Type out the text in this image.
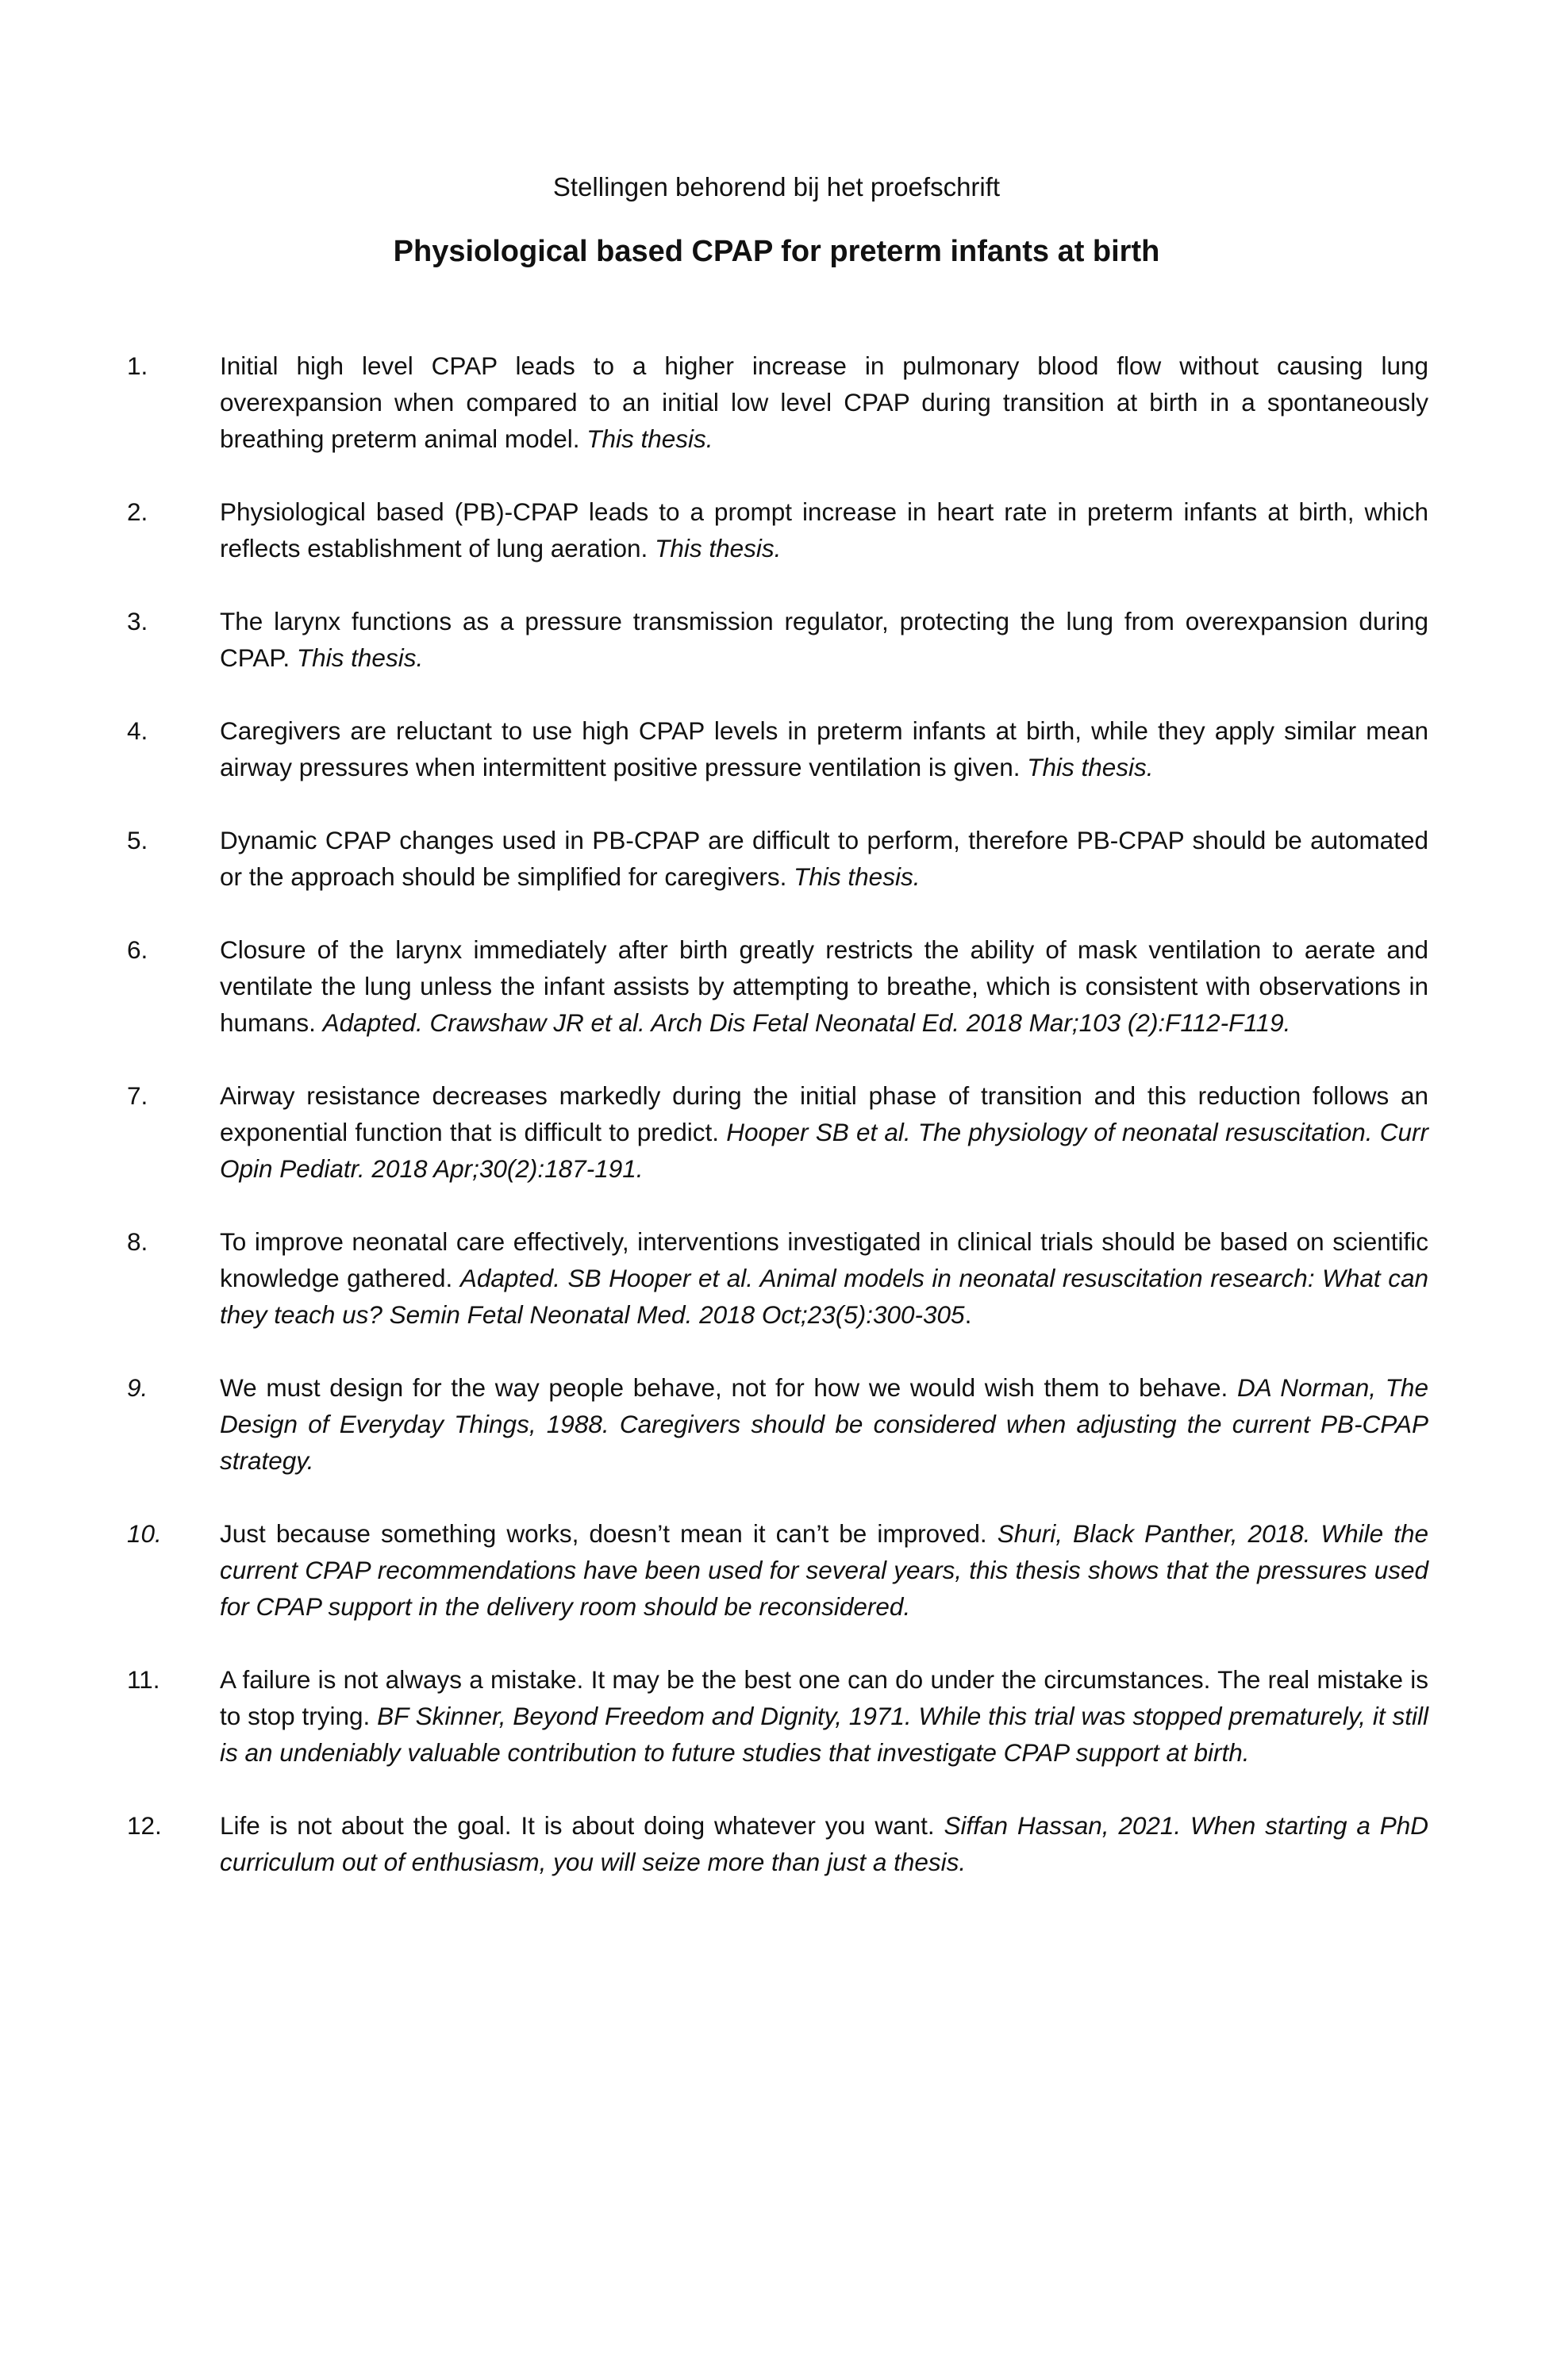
Stellingen behorend bij het proefschrift
Physiological based CPAP for preterm infants at birth
1.	Initial high level CPAP leads to a higher increase in pulmonary blood flow without causing lung overexpansion when compared to an initial low level CPAP during transition at birth in a spontaneously breathing preterm animal model. This thesis.
2.	Physiological based (PB)-CPAP leads to a prompt increase in heart rate in preterm infants at birth, which reflects establishment of lung aeration. This thesis.
3.	The larynx functions as a pressure transmission regulator, protecting the lung from overexpansion during CPAP. This thesis.
4.	Caregivers are reluctant to use high CPAP levels in preterm infants at birth, while they apply similar mean airway pressures when intermittent positive pressure ventilation is given. This thesis.
5.	Dynamic CPAP changes used in PB-CPAP are difficult to perform, therefore PB-CPAP should be automated or the approach should be simplified for caregivers. This thesis.
6.	Closure of the larynx immediately after birth greatly restricts the ability of mask ventilation to aerate and ventilate the lung unless the infant assists by attempting to breathe, which is consistent with observations in humans. Adapted. Crawshaw JR et al. Arch Dis Fetal Neonatal Ed. 2018 Mar;103 (2):F112-F119.
7.	Airway resistance decreases markedly during the initial phase of transition and this reduction follows an exponential function that is difficult to predict. Hooper SB et al. The physiology of neonatal resuscitation. Curr Opin Pediatr. 2018 Apr;30(2):187-191.
8.	To improve neonatal care effectively, interventions investigated in clinical trials should be based on scientific knowledge gathered. Adapted. SB Hooper et al. Animal models in neonatal resuscitation research: What can they teach us? Semin Fetal Neonatal Med. 2018 Oct;23(5):300-305.
9.	We must design for the way people behave, not for how we would wish them to behave. DA Norman, The Design of Everyday Things, 1988. Caregivers should be considered when adjusting the current PB-CPAP strategy.
10. Just because something works, doesn’t mean it can’t be improved. Shuri, Black Panther, 2018. While the current CPAP recommendations have been used for several years, this thesis shows that the pressures used for CPAP support in the delivery room should be reconsidered.
11. A failure is not always a mistake. It may be the best one can do under the circumstances. The real mistake is to stop trying. BF Skinner, Beyond Freedom and Dignity, 1971. While this trial was stopped prematurely, it still is an undeniably valuable contribution to future studies that investigate CPAP support at birth.
12. Life is not about the goal. It is about doing whatever you want. Siffan Hassan, 2021. When starting a PhD curriculum out of enthusiasm, you will seize more than just a thesis.
